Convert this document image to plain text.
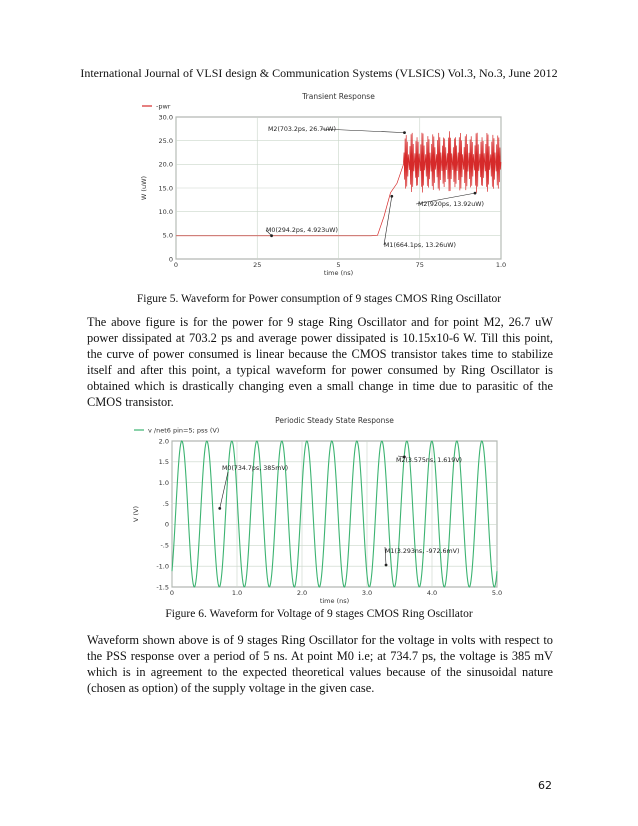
International Journal of VLSI design & Communication Systems (VLSICS) Vol.3, No.3, June 2012
Transient Response
-pwr
0	25	5	75	1.0
0
5.0
10.0
15.0
20.0
25.0
30.0
time (ns)
W (uW)
M2(703.2ps, 26.7uW)
M0(294.2ps, 4.923uW)
M2(920ps, 13.92uW)
M1(664.1ps, 13.26uW)
Figure 5. Waveform for Power consumption of 9 stages CMOS Ring Oscillator

The above figure is for the power for 9 stage Ring Oscillator and for point M2, 26.7 uW power dissipated at 703.2 ps and average power dissipated is 10.15x10-6 W. Till this point, the curve of power consumed is linear because the CMOS transistor takes time to stabilize itself and after this point, a typical waveform for power consumed by Ring Oscillator is obtained which is drastically changing even a small change in time due to parasitic of the CMOS transistor.

Periodic Steady State Response
v /net6 pin=5; pss (V)
0	1.0	2.0	3.0	4.0	5.0
-1.5
-1.0
-.5
0
.5
1.0
1.5
2.0
time (ns)
V (V)
M0(734.7ps, 385mV)
M2(3.575ns, 1.619V)
M1(3.293ns, -972.6mV)
Figure 6. Waveform for Voltage of 9 stages CMOS Ring Oscillator

Waveform shown above is of 9 stages Ring Oscillator for the voltage in volts with respect to the PSS response over a period of 5 ns. At point M0 i.e; at 734.7 ps, the voltage is 385 mV which is in agreement to the expected theoretical values because of the sinusoidal nature (chosen as option) of the supply voltage in the given case.

62
